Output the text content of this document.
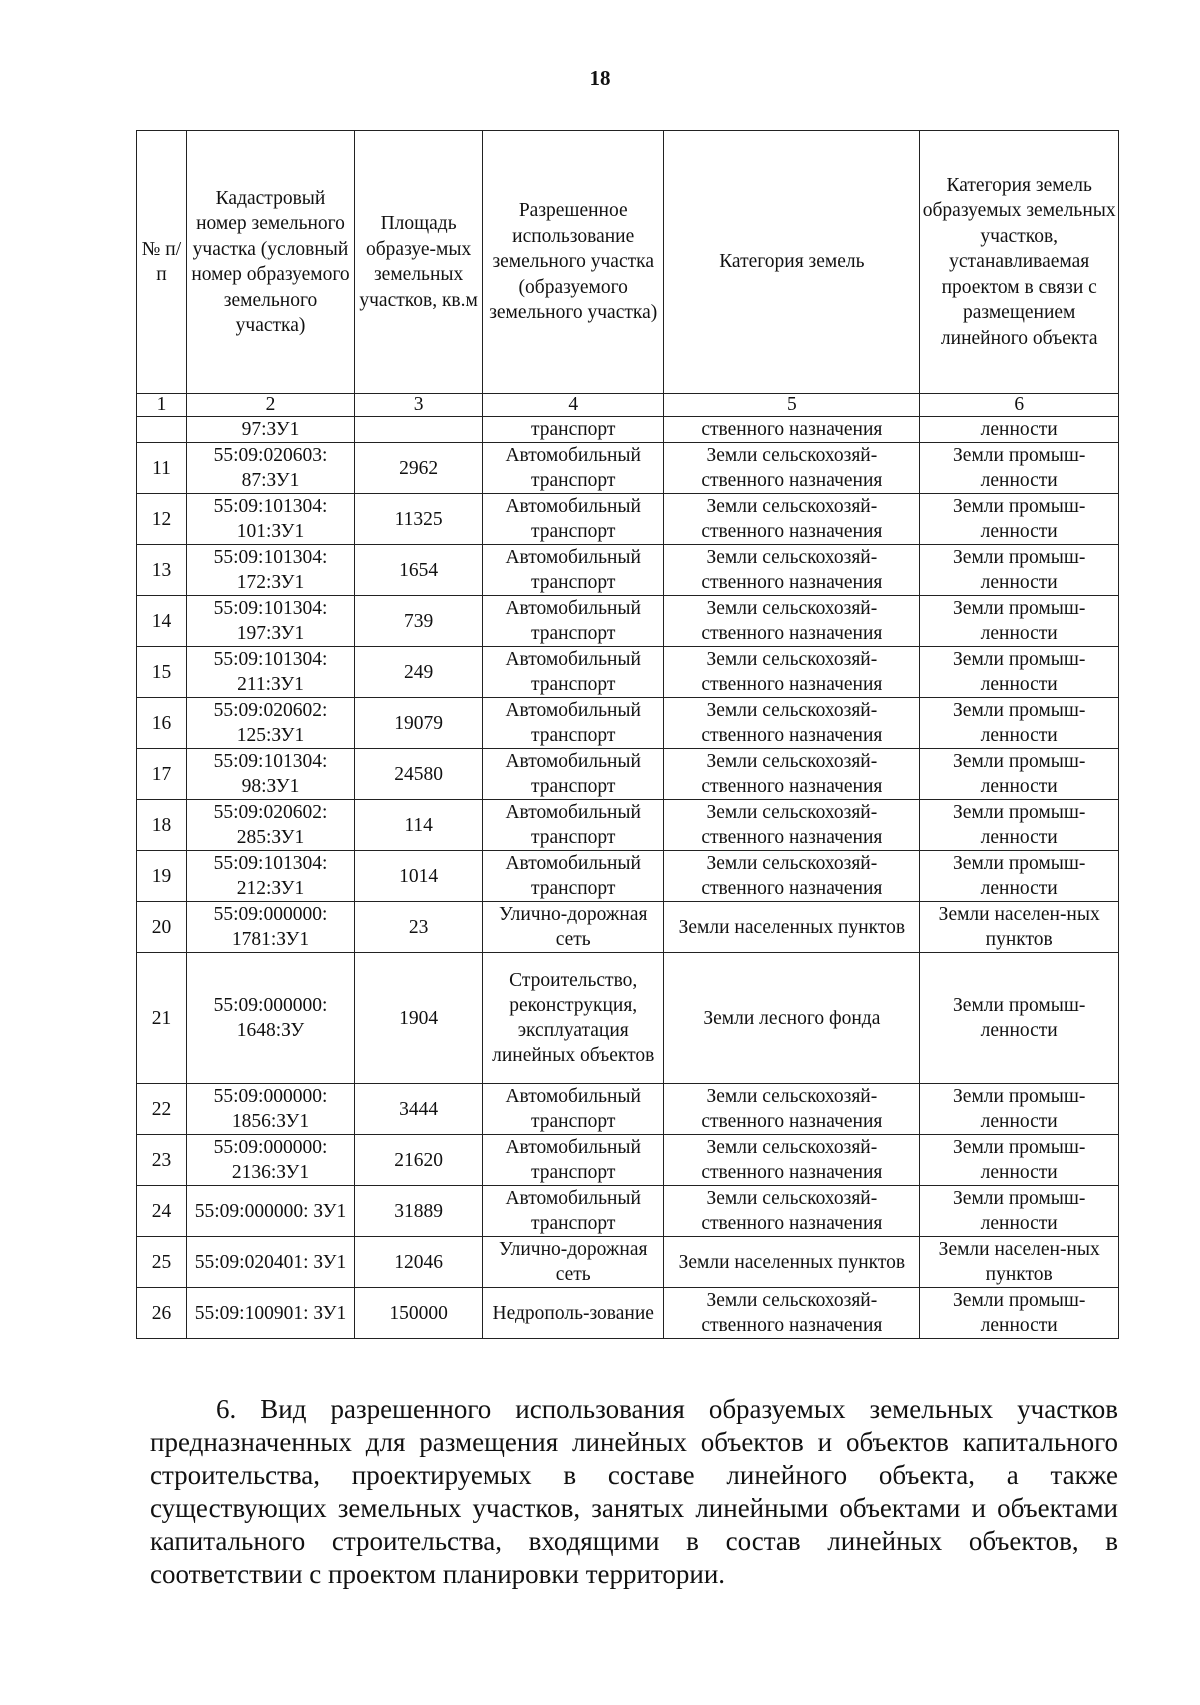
18
№ п/п	Кадастровый номер земельного участка (условный номер образуемого земельного участка)	Площадь образуе-мых земельных участков, кв.м	Разрешенное использование земельного участка (образуемого земельного участка)	Категория земель	Категория земель образуемых земельных участков, устанавливаемая проектом в связи с размещением линейного объекта
1	2	3	4	5	6
	97:ЗУ1		транспорт	ственного назначения	ленности
11	55:09:020603: 87:ЗУ1	2962	Автомобильный транспорт	Земли сельскохозяй-ственного назначения	Земли промыш-ленности
12	55:09:101304: 101:ЗУ1	11325	Автомобильный транспорт	Земли сельскохозяй-ственного назначения	Земли промыш-ленности
13	55:09:101304: 172:ЗУ1	1654	Автомобильный транспорт	Земли сельскохозяй-ственного назначения	Земли промыш-ленности
14	55:09:101304: 197:ЗУ1	739	Автомобильный транспорт	Земли сельскохозяй-ственного назначения	Земли промыш-ленности
15	55:09:101304: 211:ЗУ1	249	Автомобильный транспорт	Земли сельскохозяй-ственного назначения	Земли промыш-ленности
16	55:09:020602: 125:ЗУ1	19079	Автомобильный транспорт	Земли сельскохозяй-ственного назначения	Земли промыш-ленности
17	55:09:101304: 98:ЗУ1	24580	Автомобильный транспорт	Земли сельскохозяй-ственного назначения	Земли промыш-ленности
18	55:09:020602: 285:ЗУ1	114	Автомобильный транспорт	Земли сельскохозяй-ственного назначения	Земли промыш-ленности
19	55:09:101304: 212:ЗУ1	1014	Автомобильный транспорт	Земли сельскохозяй-ственного назначения	Земли промыш-ленности
20	55:09:000000: 1781:ЗУ1	23	Улично-дорожная сеть	Земли населенных пунктов	Земли населен-ных пунктов
21	55:09:000000: 1648:ЗУ	1904	Строительство, реконструкция, эксплуатация линейных объектов	Земли лесного фонда	Земли промыш-ленности
22	55:09:000000: 1856:ЗУ1	3444	Автомобильный транспорт	Земли сельскохозяй-ственного назначения	Земли промыш-ленности
23	55:09:000000: 2136:ЗУ1	21620	Автомобильный транспорт	Земли сельскохозяй-ственного назначения	Земли промыш-ленности
24	55:09:000000: ЗУ1	31889	Автомобильный транспорт	Земли сельскохозяй-ственного назначения	Земли промыш-ленности
25	55:09:020401: ЗУ1	12046	Улично-дорожная сеть	Земли населенных пунктов	Земли населен-ных пунктов
26	55:09:100901: ЗУ1	150000	Недрополь-зование	Земли сельскохозяй-ственного назначения	Земли промыш-ленности

6. Вид разрешенного использования образуемых земельных участков предназначенных для размещения линейных объектов и объектов капитального строительства, проектируемых в составе линейного объекта, а также существующих земельных участков, занятых линейными объектами и объектами капитального строительства, входящими в состав линейных объектов, в соответствии с проектом планировки территории.
